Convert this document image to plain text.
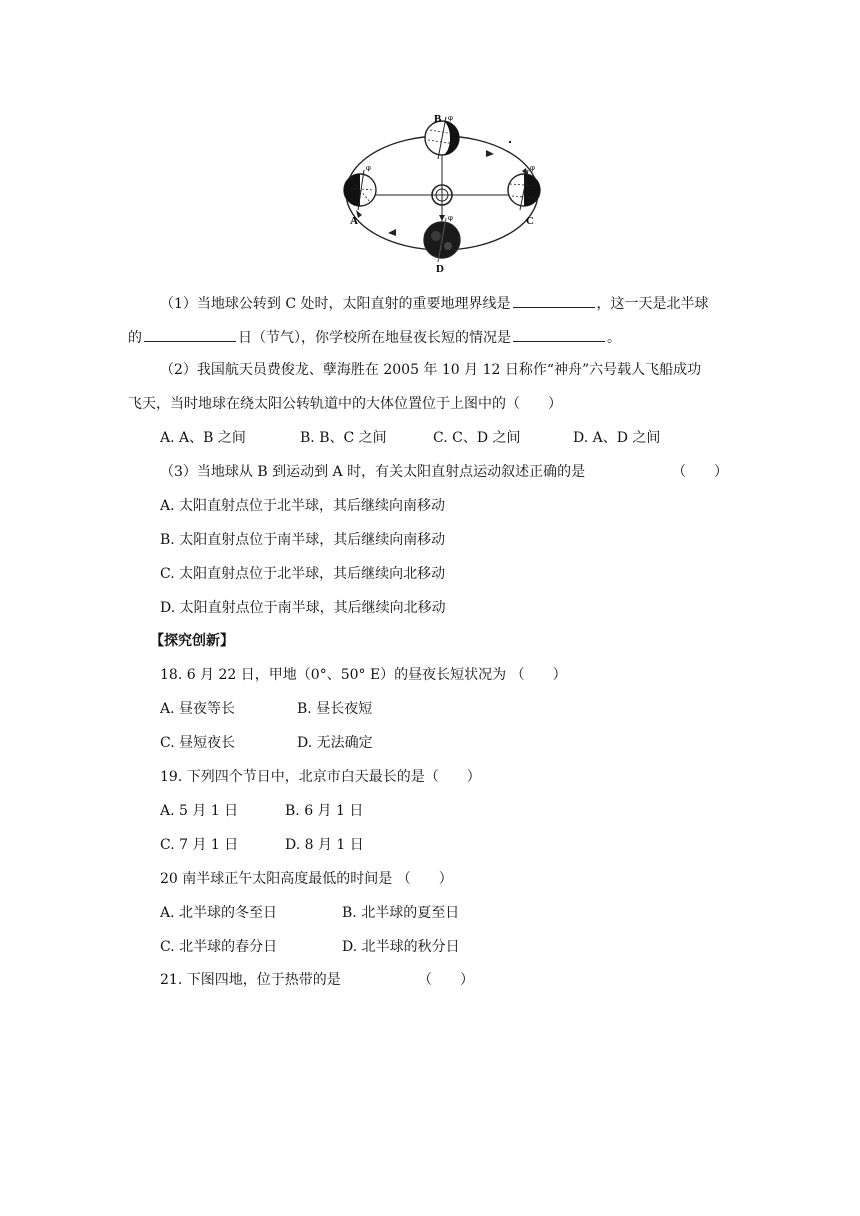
φ
A
φ
B
φ
C
φ
D
（1）当地球公转到 C 处时，太阳直射的重要地理界线是	，这一天是北半球
的	日（节气），你学校所在地昼夜长短的情况是	。
（2）我国航天员费俊龙、孽海胜在 2005 年 10 月 12 日称作“神舟”六号载人飞船成功
飞天，当时地球在绕太阳公转轨道中的大体位置位于上图中的（　　）
A. A、B 之间	B. B、C 之间	C. C、D 之间	D. A、D 之间
（3）当地球从 B 到运动到 A 时，有关太阳直射点运动叙述正确的是	（　　）
A. 太阳直射点位于北半球，其后继续向南移动
B. 太阳直射点位于南半球，其后继续向南移动
C. 太阳直射点位于北半球，其后继续向北移动
D. 太阳直射点位于南半球，其后继续向北移动
【探究创新】
18. 6 月 22 日，甲地（0°、50° E）的昼夜长短状况为 （　　）
A. 昼夜等长	B. 昼长夜短
C. 昼短夜长	D. 无法确定
19. 下列四个节日中，北京市白天最长的是（　　）
A. 5 月 1 日	B. 6 月 1 日
C. 7 月 1 日	D. 8 月 1 日
20 南半球正午太阳高度最低的时间是 （　　）
A. 北半球的冬至日	B. 北半球的夏至日
C. 北半球的春分日	D. 北半球的秋分日
21. 下图四地，位于热带的是	（　　）
